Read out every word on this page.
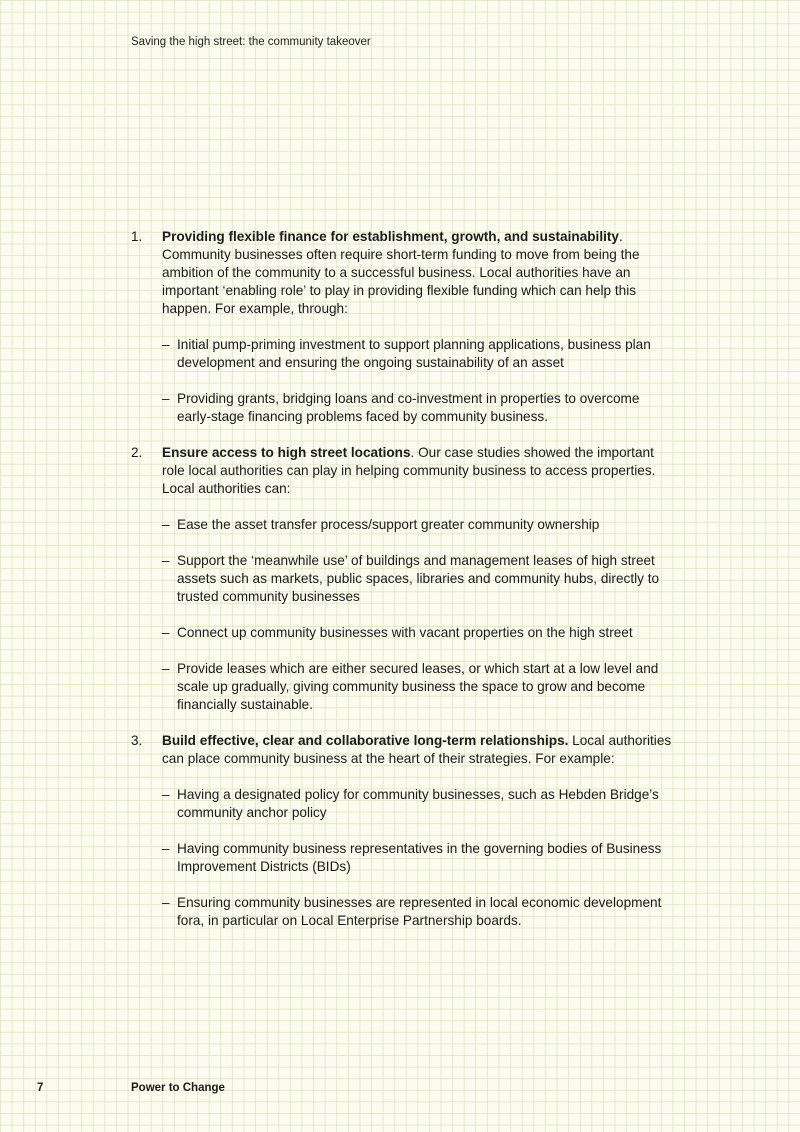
Saving the high street: the community takeover
1.	Providing flexible finance for establishment, growth, and sustainability. Community businesses often require short-term funding to move from being the ambition of the community to a successful business. Local authorities have an important ‘enabling role’ to play in providing flexible funding which can help this happen. For example, through:
– Initial pump-priming investment to support planning applications, business plan development and ensuring the ongoing sustainability of an asset
– Providing grants, bridging loans and co-investment in properties to overcome early-stage financing problems faced by community business.
2.	Ensure access to high street locations. Our case studies showed the important role local authorities can play in helping community business to access properties. Local authorities can:
– Ease the asset transfer process/support greater community ownership
– Support the ‘meanwhile use’ of buildings and management leases of high street assets such as markets, public spaces, libraries and community hubs, directly to trusted community businesses
– Connect up community businesses with vacant properties on the high street
– Provide leases which are either secured leases, or which start at a low level and scale up gradually, giving community business the space to grow and become financially sustainable.
3.	Build effective, clear and collaborative long-term relationships. Local authorities can place community business at the heart of their strategies. For example:
– Having a designated policy for community businesses, such as Hebden Bridge’s community anchor policy
– Having community business representatives in the governing bodies of Business Improvement Districts (BIDs)
– Ensuring community businesses are represented in local economic development fora, in particular on Local Enterprise Partnership boards.
7	Power to Change
